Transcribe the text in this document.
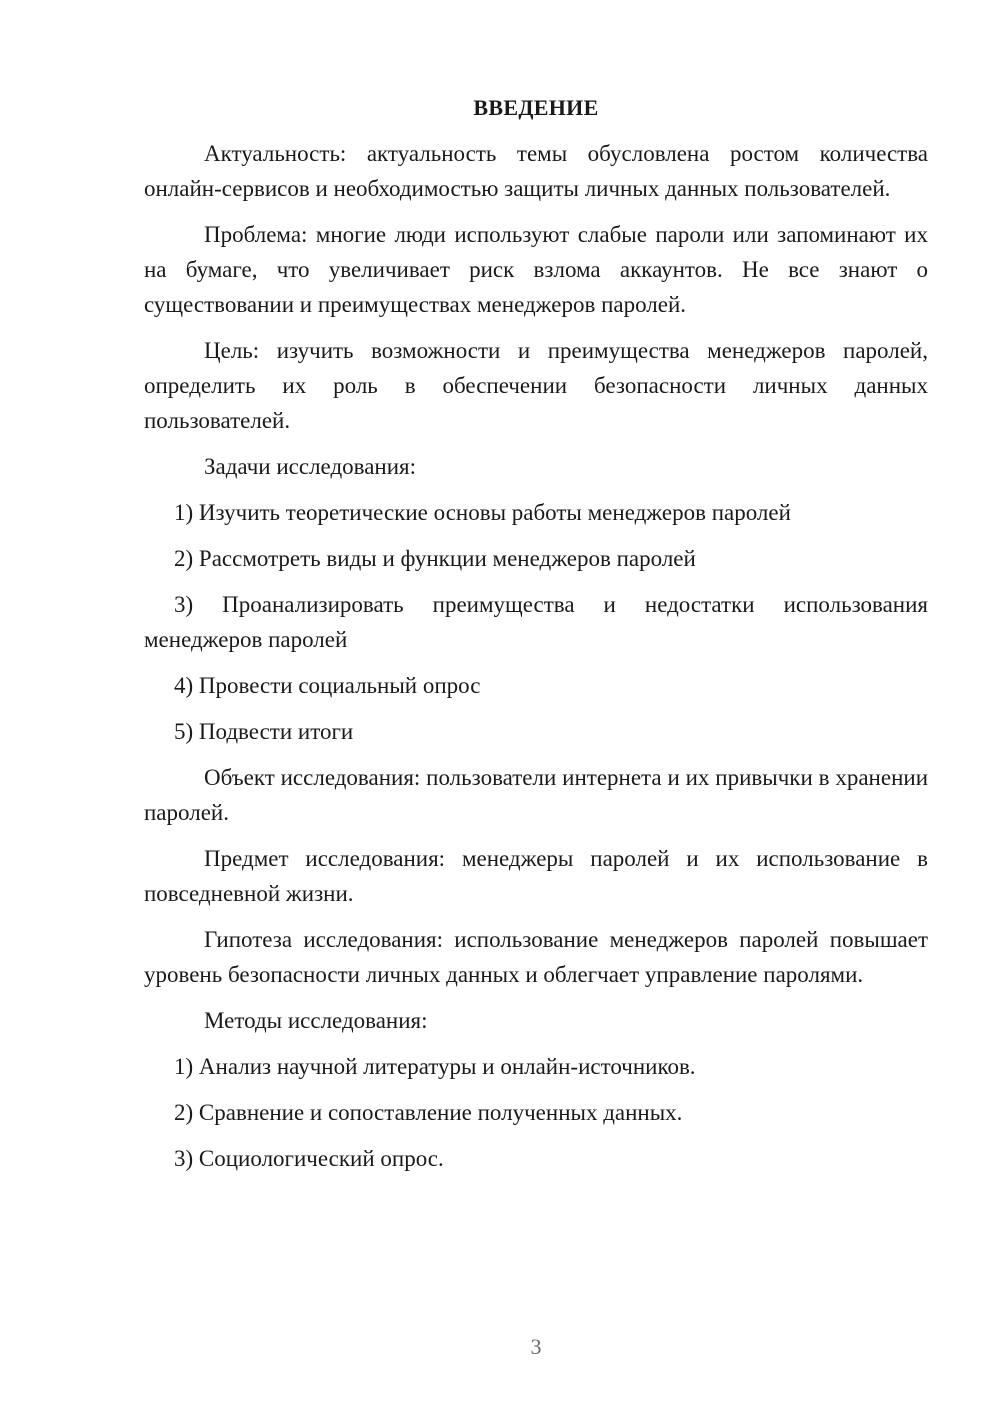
ВВЕДЕНИЕ

Актуальность: актуальность темы обусловлена ростом количества онлайн-сервисов и необходимостью защиты личных данных пользователей.

Проблема: многие люди используют слабые пароли или запоминают их на бумаге, что увеличивает риск взлома аккаунтов. Не все знают о существовании и преимуществах менеджеров паролей.

Цель: изучить возможности и преимущества менеджеров паролей, определить их роль в обеспечении безопасности личных данных пользователей.

Задачи исследования:

1) Изучить теоретические основы работы менеджеров паролей

2) Рассмотреть виды и функции менеджеров паролей

3) Проанализировать преимущества и недостатки использования менеджеров паролей

4) Провести социальный опрос

5) Подвести итоги

Объект исследования: пользователи интернета и их привычки в хранении паролей.

Предмет исследования: менеджеры паролей и их использование в повседневной жизни.

Гипотеза исследования: использование менеджеров паролей повышает уровень безопасности личных данных и облегчает управление паролями.

Методы исследования:

1) Анализ научной литературы и онлайн-источников.

2) Сравнение и сопоставление полученных данных.

3) Социологический опрос.

3
